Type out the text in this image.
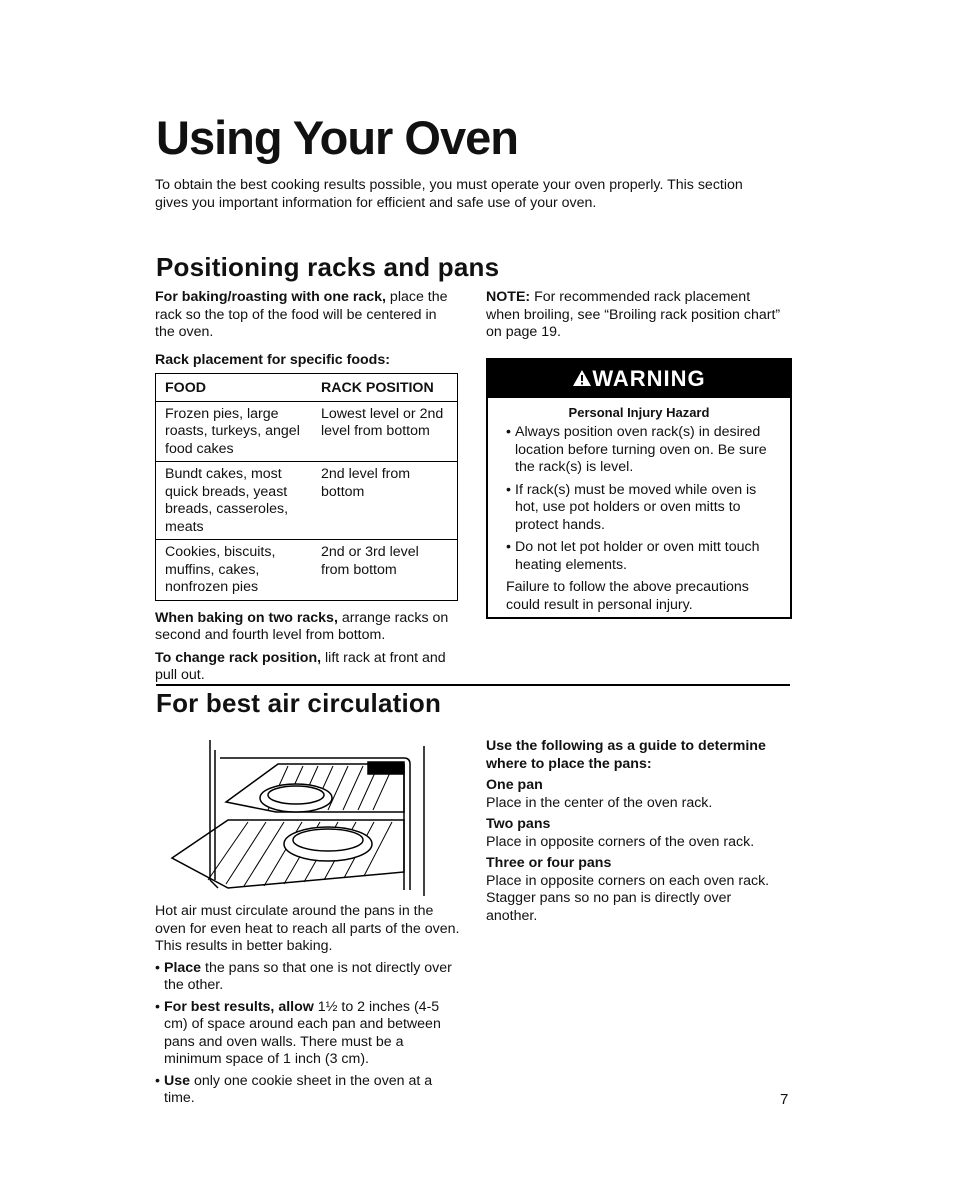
Using Your Oven

To obtain the best cooking results possible, you must operate your oven properly. This section gives you important information for efficient and safe use of your oven.

Positioning racks and pans

For baking/roasting with one rack, place the rack so the top of the food will be centered in the oven.

Rack placement for specific foods:

FOOD	RACK POSITION
Frozen pies, large roasts, turkeys, angel food cakes	Lowest level or 2nd level from bottom
Bundt cakes, most quick breads, yeast breads, casseroles, meats	2nd level from bottom
Cookies, biscuits, muffins, cakes, nonfrozen pies	2nd or 3rd level from bottom

When baking on two racks, arrange racks on second and fourth level from bottom.

To change rack position, lift rack at front and pull out.

NOTE: For recommended rack placement when broiling, see “Broiling rack position chart” on page 19.

WARNING
Personal Injury Hazard

• Always position oven rack(s) in desired location before turning oven on. Be sure the rack(s) is level.

• If rack(s) must be moved while oven is hot, use pot holders or oven mitts to protect hands.

• Do not let pot holder or oven mitt touch heating elements.

Failure to follow the above precautions could result in personal injury.

For best air circulation

Hot air must circulate around the pans in the oven for even heat to reach all parts of the oven. This results in better baking.

• Place the pans so that one is not directly over the other.

• For best results, allow 1½ to 2 inches (4-5 cm) of space around each pan and between pans and oven walls. There must be a minimum space of 1 inch (3 cm).

• Use only one cookie sheet in the oven at a time.

Use the following as a guide to determine where to place the pans:

One pan

Place in the center of the oven rack.

Two pans

Place in opposite corners of the oven rack.

Three or four pans

Place in opposite corners on each oven rack. Stagger pans so no pan is directly over another.

7
